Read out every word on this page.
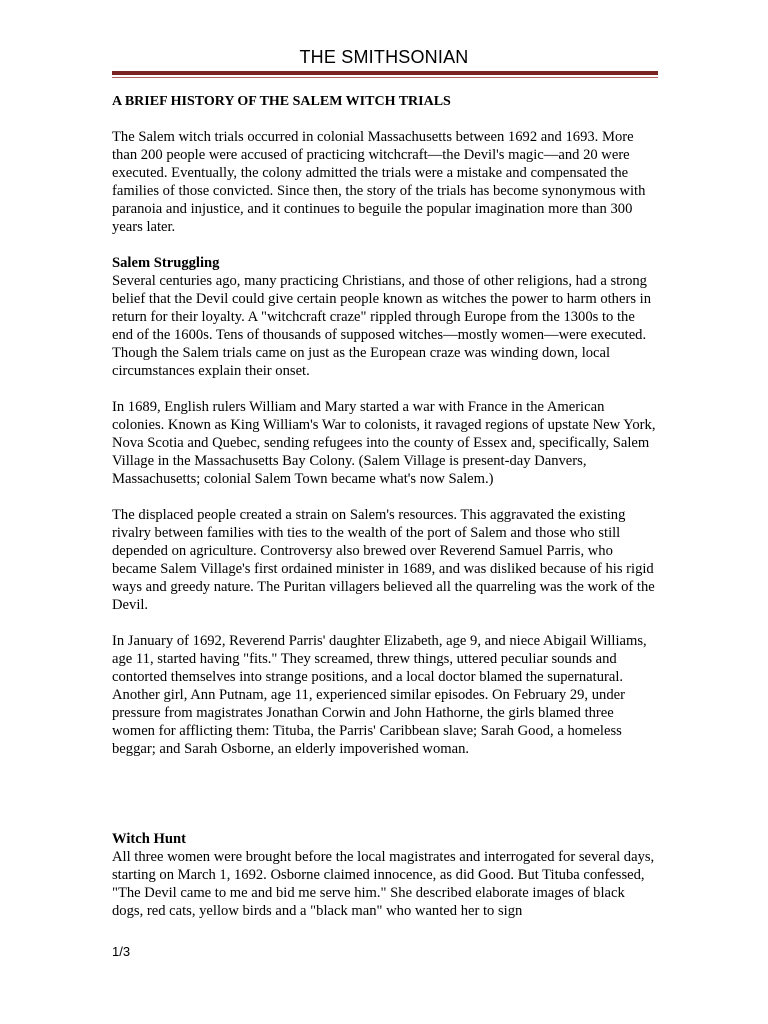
THE SMITHSONIAN
A BRIEF HISTORY OF THE SALEM WITCH TRIALS

The Salem witch trials occurred in colonial Massachusetts between 1692 and 1693. More than 200 people were accused of practicing witchcraft—the Devil's magic—and 20 were executed. Eventually, the colony admitted the trials were a mistake and compensated the families of those convicted. Since then, the story of the trials has become synonymous with paranoia and injustice, and it continues to beguile the popular imagination more than 300 years later.

Salem Struggling

Several centuries ago, many practicing Christians, and those of other religions, had a strong belief that the Devil could give certain people known as witches the power to harm others in return for their loyalty. A "witchcraft craze" rippled through Europe from the 1300s to the end of the 1600s. Tens of thousands of supposed witches—mostly women—were executed. Though the Salem trials came on just as the European craze was winding down, local circumstances explain their onset.

In 1689, English rulers William and Mary started a war with France in the American colonies. Known as King William's War to colonists, it ravaged regions of upstate New York, Nova Scotia and Quebec, sending refugees into the county of Essex and, specifically, Salem Village in the Massachusetts Bay Colony. (Salem Village is present-day Danvers, Massachusetts; colonial Salem Town became what's now Salem.)

The displaced people created a strain on Salem's resources. This aggravated the existing rivalry between families with ties to the wealth of the port of Salem and those who still depended on agriculture. Controversy also brewed over Reverend Samuel Parris, who became Salem Village's first ordained minister in 1689, and was disliked because of his rigid ways and greedy nature. The Puritan villagers believed all the quarreling was the work of the Devil.

In January of 1692, Reverend Parris' daughter Elizabeth, age 9, and niece Abigail Williams, age 11, started having "fits." They screamed, threw things, uttered peculiar sounds and contorted themselves into strange positions, and a local doctor blamed the supernatural. Another girl, Ann Putnam, age 11, experienced similar episodes. On February 29, under pressure from magistrates Jonathan Corwin and John Hathorne, the girls blamed three women for afflicting them: Tituba, the Parris' Caribbean slave; Sarah Good, a homeless beggar; and Sarah Osborne, an elderly impoverished woman.

Witch Hunt

All three women were brought before the local magistrates and interrogated for several days, starting on March 1, 1692. Osborne claimed innocence, as did Good. But Tituba confessed, "The Devil came to me and bid me serve him." She described elaborate images of black dogs, red cats, yellow birds and a "black man" who wanted her to sign

1/3
